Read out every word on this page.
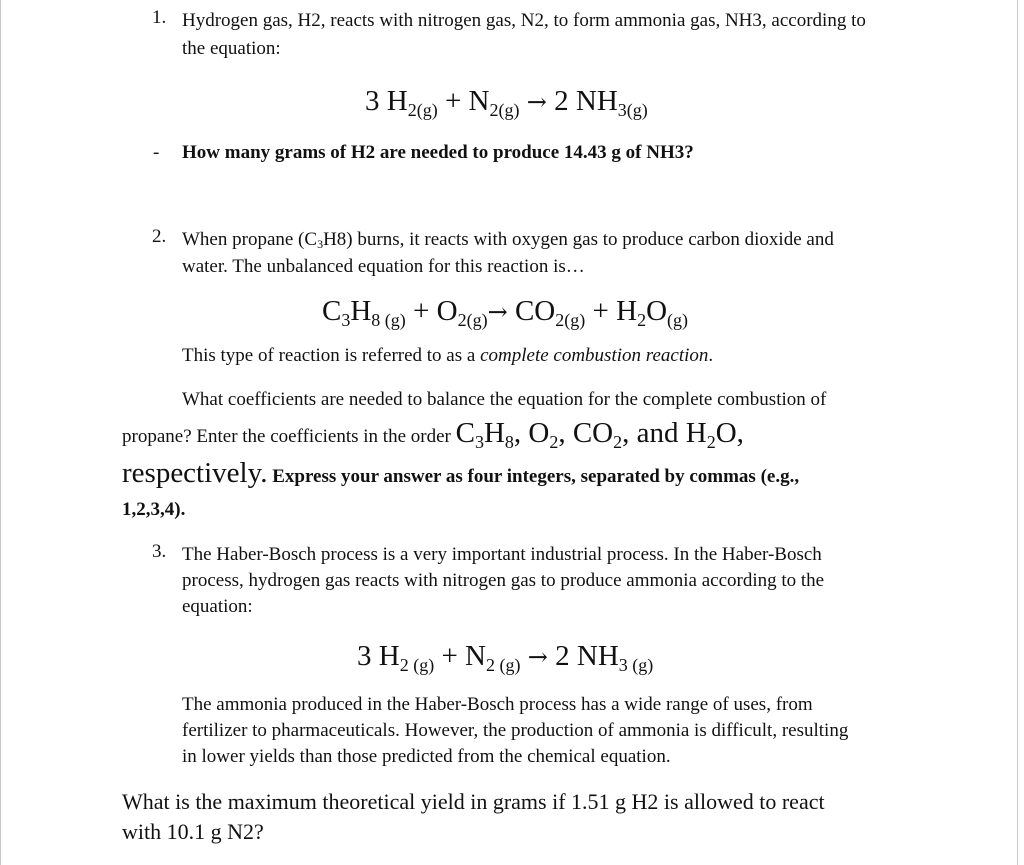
1. Hydrogen gas, H2, reacts with nitrogen gas, N2, to form ammonia gas, NH3, according to

the equation:

3 $H_{2(g)} + N_{2(g)} \to 2$ $NH_{3(g)}$

- How many grams of H2 are needed to produce 14.43 g of NH3?

2. When propane $(C_3H8)$ burns, it reacts with oxygen gas to produce carbon dioxide and

water. The unbalanced equation for this reaction is…

$C_3H_{8 (g)} + O_{2(g)}\to CO_{2(g)} + H_2O_{(g)}$

This type of reaction is referred to as a complete combustion reaction.

What coefficients are needed to balance the equation for the complete combustion of

propane? Enter the coefficients in the order $C_3H_8$, $O_2$, $CO_2$, and $H_2O$,

respectively. Express your answer as four integers, separated by commas (e.g.,

1,2,3,4).

3. The Haber-Bosch process is a very important industrial process. In the Haber-Bosch

process, hydrogen gas reacts with nitrogen gas to produce ammonia according to the

equation:

3 $H_{2 (g)} + N_{2 (g)} \to 2$ $NH_{3 (g)}$

The ammonia produced in the Haber-Bosch process has a wide range of uses, from

fertilizer to pharmaceuticals. However, the production of ammonia is difficult, resulting

in lower yields than those predicted from the chemical equation.

What is the maximum theoretical yield in grams if 1.51 g H2 is allowed to react

with 10.1 g N2?
